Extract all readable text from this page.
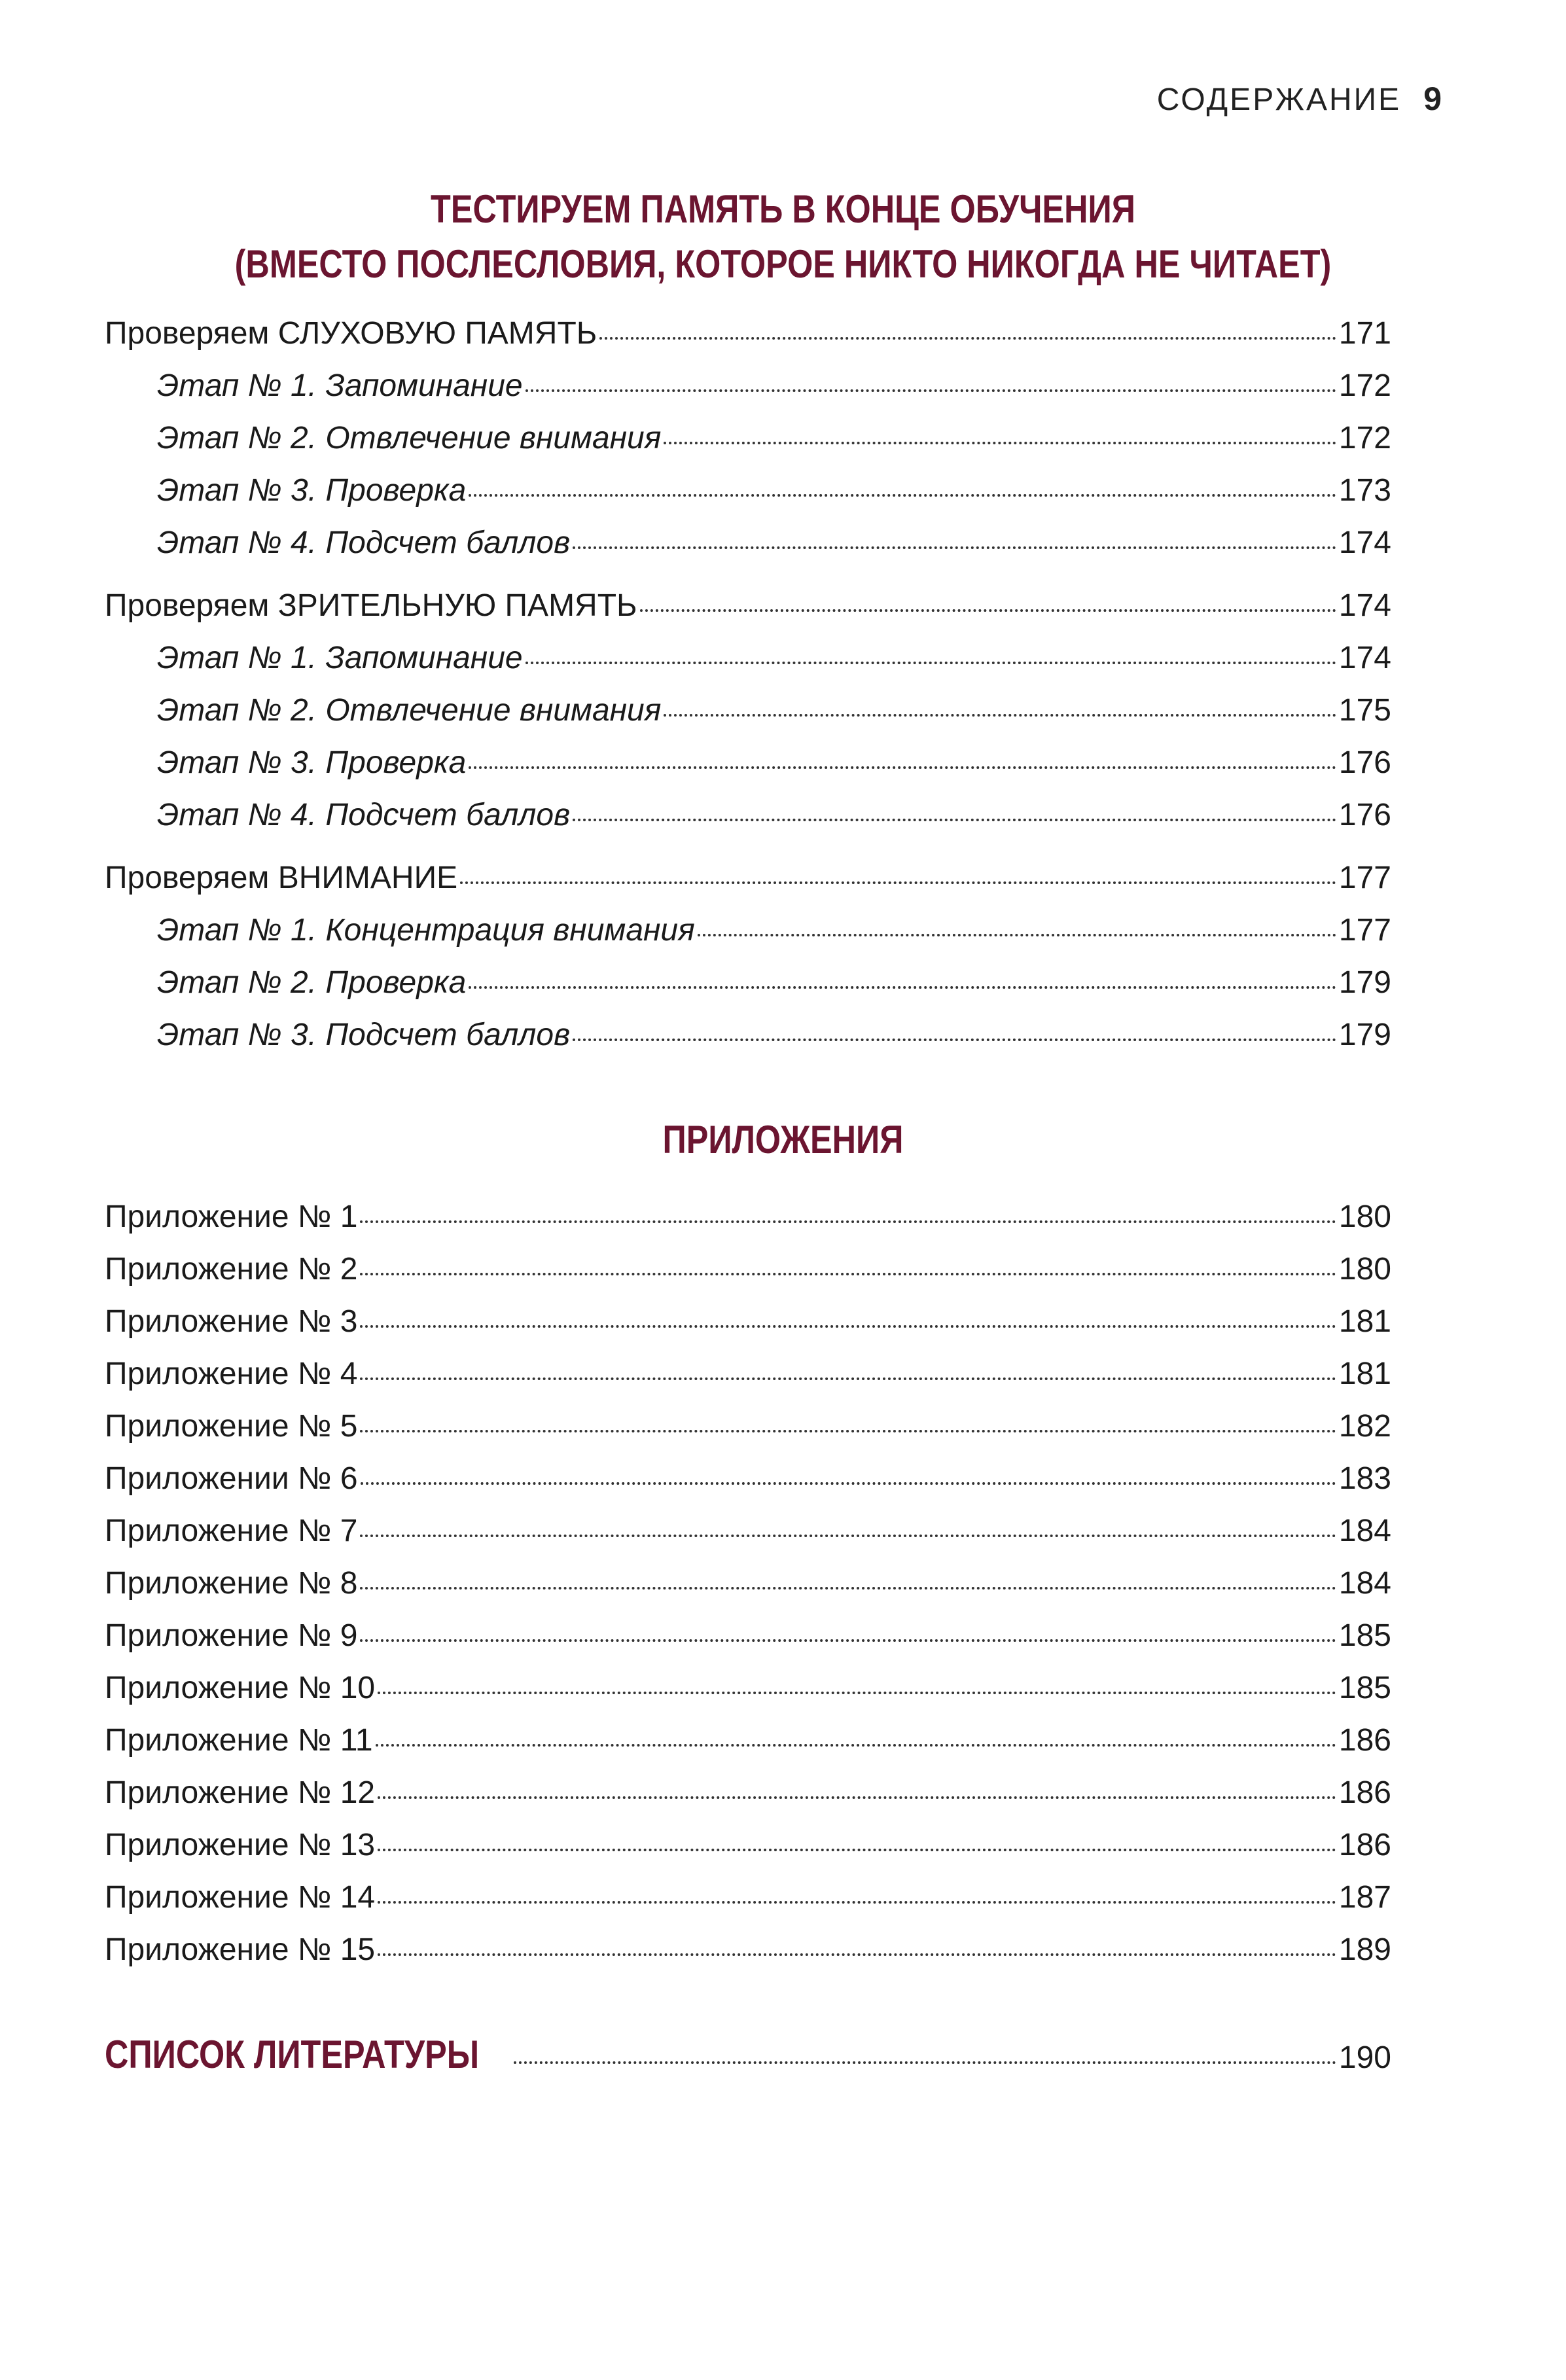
СОДЕРЖАНИЕ 9
ТЕСТИРУЕМ ПАМЯТЬ В КОНЦЕ ОБУЧЕНИЯ
(ВМЕСТО ПОСЛЕСЛОВИЯ, КОТОРОЕ НИКТО НИКОГДА НЕ ЧИТАЕТ)
Проверяем СЛУХОВУЮ ПАМЯТЬ	171
Этап № 1. Запоминание	172
Этап № 2. Отвлечение внимания	172
Этап № 3. Проверка	173
Этап № 4. Подсчет баллов	174
Проверяем ЗРИТЕЛЬНУЮ ПАМЯТЬ	174
Этап № 1. Запоминание	174
Этап № 2. Отвлечение внимания	175
Этап № 3. Проверка	176
Этап № 4. Подсчет баллов	176
Проверяем ВНИМАНИЕ	177
Этап № 1. Концентрация внимания	177
Этап № 2. Проверка	179
Этап № 3. Подсчет баллов	179
ПРИЛОЖЕНИЯ
Приложение № 1	180
Приложение № 2	180
Приложение № 3	181
Приложение № 4	181
Приложение № 5	182
Приложении № 6	183
Приложение № 7	184
Приложение № 8	184
Приложение № 9	185
Приложение № 10	185
Приложение № 11	186
Приложение № 12	186
Приложение № 13	186
Приложение № 14	187
Приложение № 15	189
СПИСОК ЛИТЕРАТУРЫ	190
